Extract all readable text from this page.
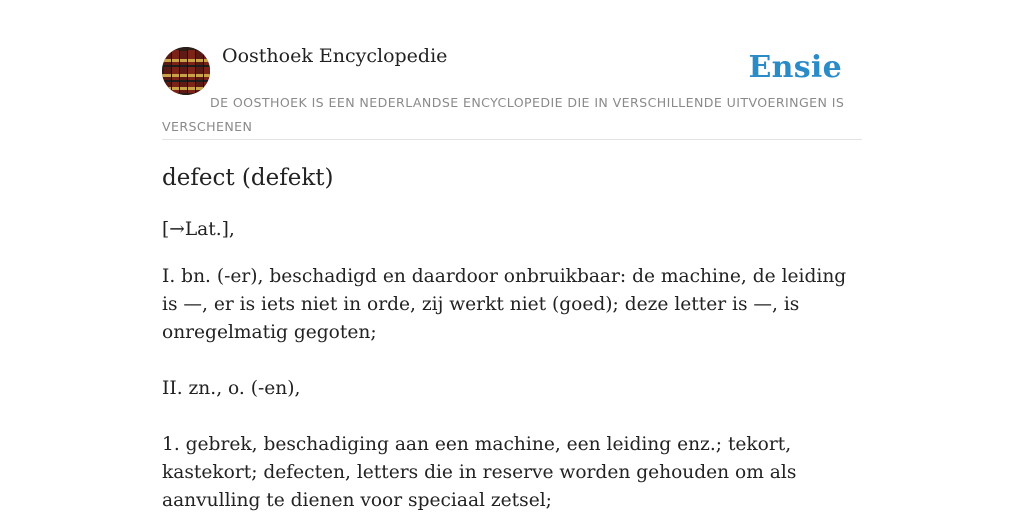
Oosthoek Encyclopedie	Ensie
DE OOSTHOEK IS EEN NEDERLANDSE ENCYCLOPEDIE DIE IN VERSCHILLENDE UITVOERINGEN IS VERSCHENEN
defect (defekt)

[→Lat.],

I. bn. (-er), beschadigd en daardoor onbruikbaar: de machine, de leiding is —, er is iets niet in orde, zij werkt niet (goed); deze letter is —, is onregelmatig gegoten;

II. zn., o. (-en),

1. gebrek, beschadiging aan een machine, een leiding enz.; tekort, kastekort; defecten, letters die in reserve worden gehouden om als aanvulling te dienen voor speciaal zetsel;
